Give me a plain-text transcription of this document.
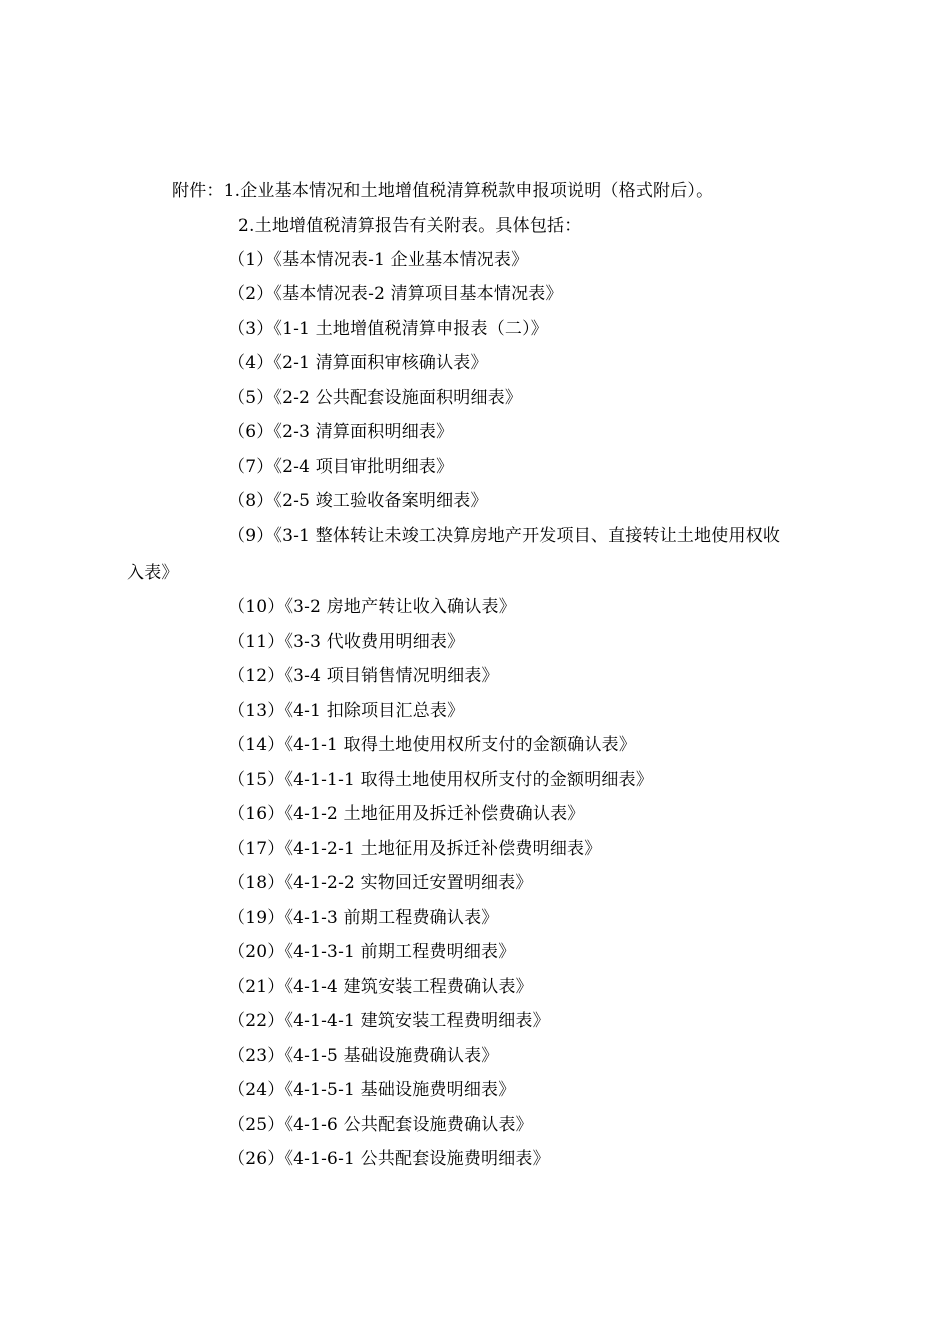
附件：1.企业基本情况和土地增值税清算税款申报项说明（格式附后）。
2.土地增值税清算报告有关附表。具体包括：
（1）《基本情况表-1 企业基本情况表》
（2）《基本情况表-2 清算项目基本情况表》
（3）《1-1 土地增值税清算申报表（二）》
（4）《2-1 清算面积审核确认表》
（5）《2-2 公共配套设施面积明细表》
（6）《2-3 清算面积明细表》
（7）《2-4 项目审批明细表》
（8）《2-5 竣工验收备案明细表》
（9）《3-1 整体转让未竣工决算房地产开发项目、直接转让土地使用权收
入表》
（10）《3-2 房地产转让收入确认表》
（11）《3-3 代收费用明细表》
（12）《3-4 项目销售情况明细表》
（13）《4-1 扣除项目汇总表》
（14）《4-1-1 取得土地使用权所支付的金额确认表》
（15）《4-1-1-1 取得土地使用权所支付的金额明细表》
（16）《4-1-2 土地征用及拆迁补偿费确认表》
（17）《4-1-2-1 土地征用及拆迁补偿费明细表》
（18）《4-1-2-2 实物回迁安置明细表》
（19）《4-1-3 前期工程费确认表》
（20）《4-1-3-1 前期工程费明细表》
（21）《4-1-4 建筑安装工程费确认表》
（22）《4-1-4-1 建筑安装工程费明细表》
（23）《4-1-5 基础设施费确认表》
（24）《4-1-5-1 基础设施费明细表》
（25）《4-1-6 公共配套设施费确认表》
（26）《4-1-6-1 公共配套设施费明细表》
